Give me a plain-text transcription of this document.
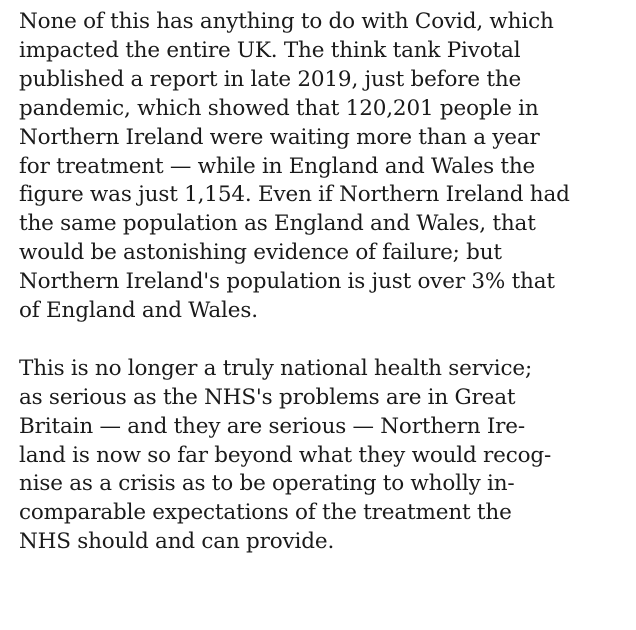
None of this has anything to do with Covid, which
impacted the entire UK. The think tank Pivotal
published a report in late 2019, just before the
pandemic, which showed that 120,201 people in
Northern Ireland were waiting more than a year
for treatment — while in England and Wales the
figure was just 1,154. Even if Northern Ireland had
the same population as England and Wales, that
would be astonishing evidence of failure; but
Northern Ireland's population is just over 3% that
of England and Wales.

This is no longer a truly national health service;
as serious as the NHS's problems are in Great
Britain — and they are serious — Northern Ire-
land is now so far beyond what they would recog-
nise as a crisis as to be operating to wholly in-
comparable expectations of the treatment the
NHS should and can provide.
